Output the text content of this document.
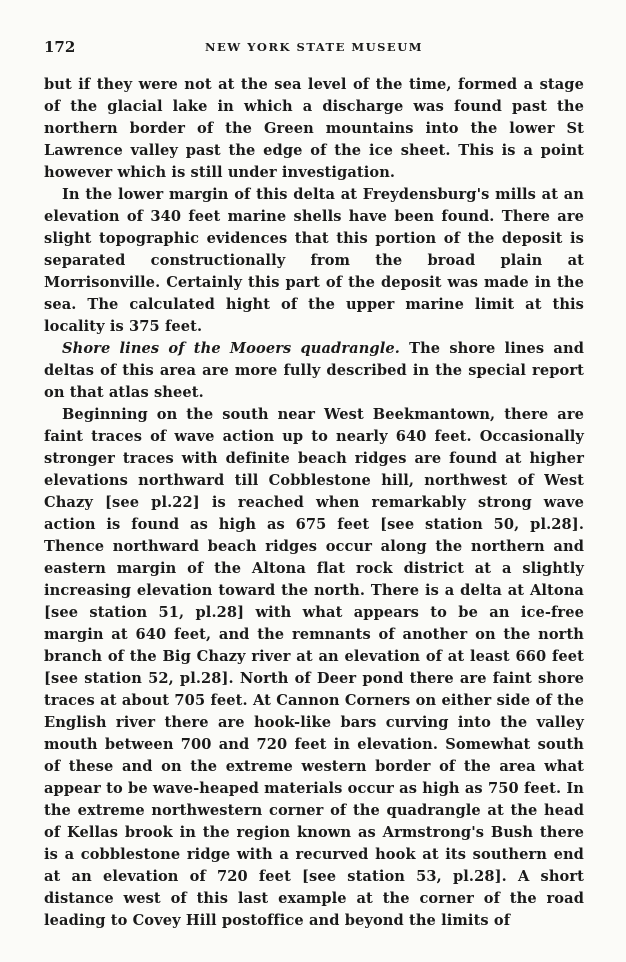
172	NEW YORK STATE MUSEUM

but if they were not at the sea level of the time, formed a stage of the glacial lake in which a discharge was found past the northern border of the Green mountains into the lower St Lawrence valley past the edge of the ice sheet. This is a point however which is still under investigation.

In the lower margin of this delta at Freydensburg's mills at an elevation of 340 feet marine shells have been found. There are slight topographic evidences that this portion of the deposit is separated constructionally from the broad plain at Morrisonville. Certainly this part of the deposit was made in the sea. The calculated hight of the upper marine limit at this locality is 375 feet.

Shore lines of the Mooers quadrangle. The shore lines and deltas of this area are more fully described in the special report on that atlas sheet.

Beginning on the south near West Beekmantown, there are faint traces of wave action up to nearly 640 feet. Occasionally stronger traces with definite beach ridges are found at higher elevations northward till Cobblestone hill, northwest of West Chazy [see pl.22] is reached when remarkably strong wave action is found as high as 675 feet [see station 50, pl.28]. Thence northward beach ridges occur along the northern and eastern margin of the Altona flat rock district at a slightly increasing elevation toward the north. There is a delta at Altona [see station 51, pl.28] with what appears to be an ice-free margin at 640 feet, and the remnants of another on the north branch of the Big Chazy river at an elevation of at least 660 feet [see station 52, pl.28]. North of Deer pond there are faint shore traces at about 705 feet. At Cannon Corners on either side of the English river there are hook-like bars curving into the valley mouth between 700 and 720 feet in elevation. Somewhat south of these and on the extreme western border of the area what appear to be wave-heaped materials occur as high as 750 feet. In the extreme northwestern corner of the quadrangle at the head of Kellas brook in the region known as Armstrong's Bush there is a cobblestone ridge with a recurved hook at its southern end at an elevation of 720 feet [see station 53, pl.28]. A short distance west of this last example at the corner of the road leading to Covey Hill postoffice and beyond the limits of
